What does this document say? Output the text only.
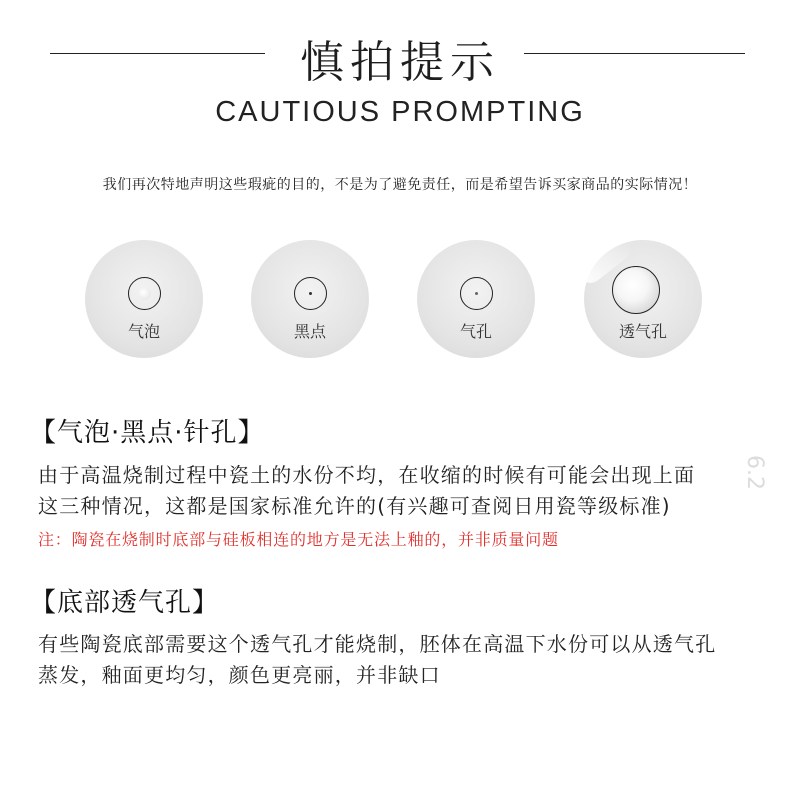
慎拍提示
CAUTIOUS PROMPTING
我们再次特地声明这些瑕疵的目的，不是为了避免责任，而是希望告诉买家商品的实际情况！
气泡	黑点	气孔	透气孔
【气泡·黑点·针孔】
由于高温烧制过程中瓷土的水份不均，在收缩的时候有可能会出现上面
这三种情况，这都是国家标准允许的(有兴趣可查阅日用瓷等级标准)
注：陶瓷在烧制时底部与硅板相连的地方是无法上釉的，并非质量问题
【底部透气孔】
有些陶瓷底部需要这个透气孔才能烧制，胚体在高温下水份可以从透气孔
蒸发，釉面更均匀，颜色更亮丽，并非缺口
6.2
